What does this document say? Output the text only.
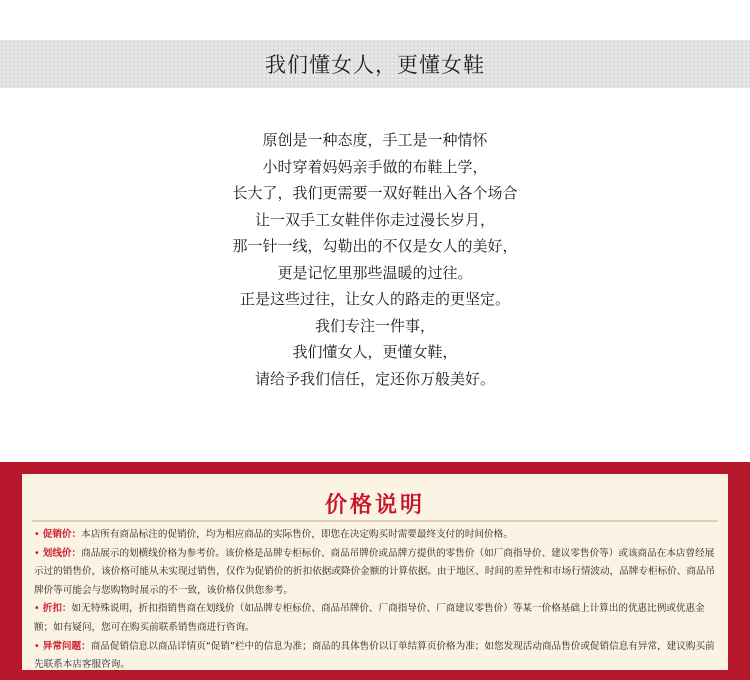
我们懂女人，更懂女鞋
原创是一种态度，手工是一种情怀
小时穿着妈妈亲手做的布鞋上学，
长大了，我们更需要一双好鞋出入各个场合
让一双手工女鞋伴你走过漫长岁月，
那一针一线，勾勒出的不仅是女人的美好，
更是记忆里那些温暖的过往。
正是这些过往，让女人的路走的更坚定。
我们专注一件事，
我们懂女人，更懂女鞋，
请给予我们信任，定还你万般美好。
价格说明

• 促销价：本店所有商品标注的促销价，均为相应商品的实际售价，即您在决定购买时需要最终支付的时间价格。

• 划线价：商品展示的划横线价格为参考价。该价格是品牌专柜标价、商品吊牌价或品牌方提供的零售价（如厂商指导价、建议零售价等）或该商品在本店曾经展示过的销售价，该价格可能从未实现过销售，仅作为促销价的折扣依据或降价金额的计算依据。由于地区、时间的差异性和市场行情波动，品牌专柜标价、商品吊牌价等可能会与您购物时展示的不一致，该价格仅供您参考。

• 折扣：如无特殊说明，折扣指销售商在划线价（如品牌专柜标价、商品吊牌价、厂商指导价、厂商建议零售价）等某一价格基础上计算出的优惠比例或优惠金额；如有疑问，您可在购买前联系销售商进行咨询。

• 异常问题：商品促销信息以商品详情页“促销”栏中的信息为准；商品的具体售价以订单结算页价格为准；如您发现活动商品售价或促销信息有异常，建议购买前先联系本店客服咨询。
